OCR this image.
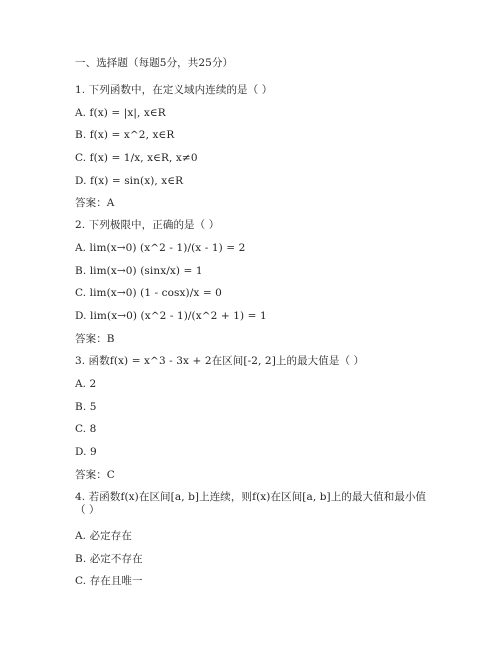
一、选择题（每题5分，共25分）
1. 下列函数中，在定义域内连续的是（ ）
A. f(x) = |x|, x∈R
B. f(x) = x^2, x∈R
C. f(x) = 1/x, x∈R, x≠0
D. f(x) = sin(x), x∈R
答案：A
2. 下列极限中，正确的是（ ）
A. lim(x→0) (x^2 - 1)/(x - 1) = 2
B. lim(x→0) (sinx/x) = 1
C. lim(x→0) (1 - cosx)/x = 0
D. lim(x→0) (x^2 - 1)/(x^2 + 1) = 1
答案：B
3. 函数f(x) = x^3 - 3x + 2在区间[-2, 2]上的最大值是（ ）
A. 2
B. 5
C. 8
D. 9
答案：C
4. 若函数f(x)在区间[a, b]上连续，则f(x)在区间[a, b]上的最大值和最小值（ ）
A. 必定存在
B. 必定不存在
C. 存在且唯一
